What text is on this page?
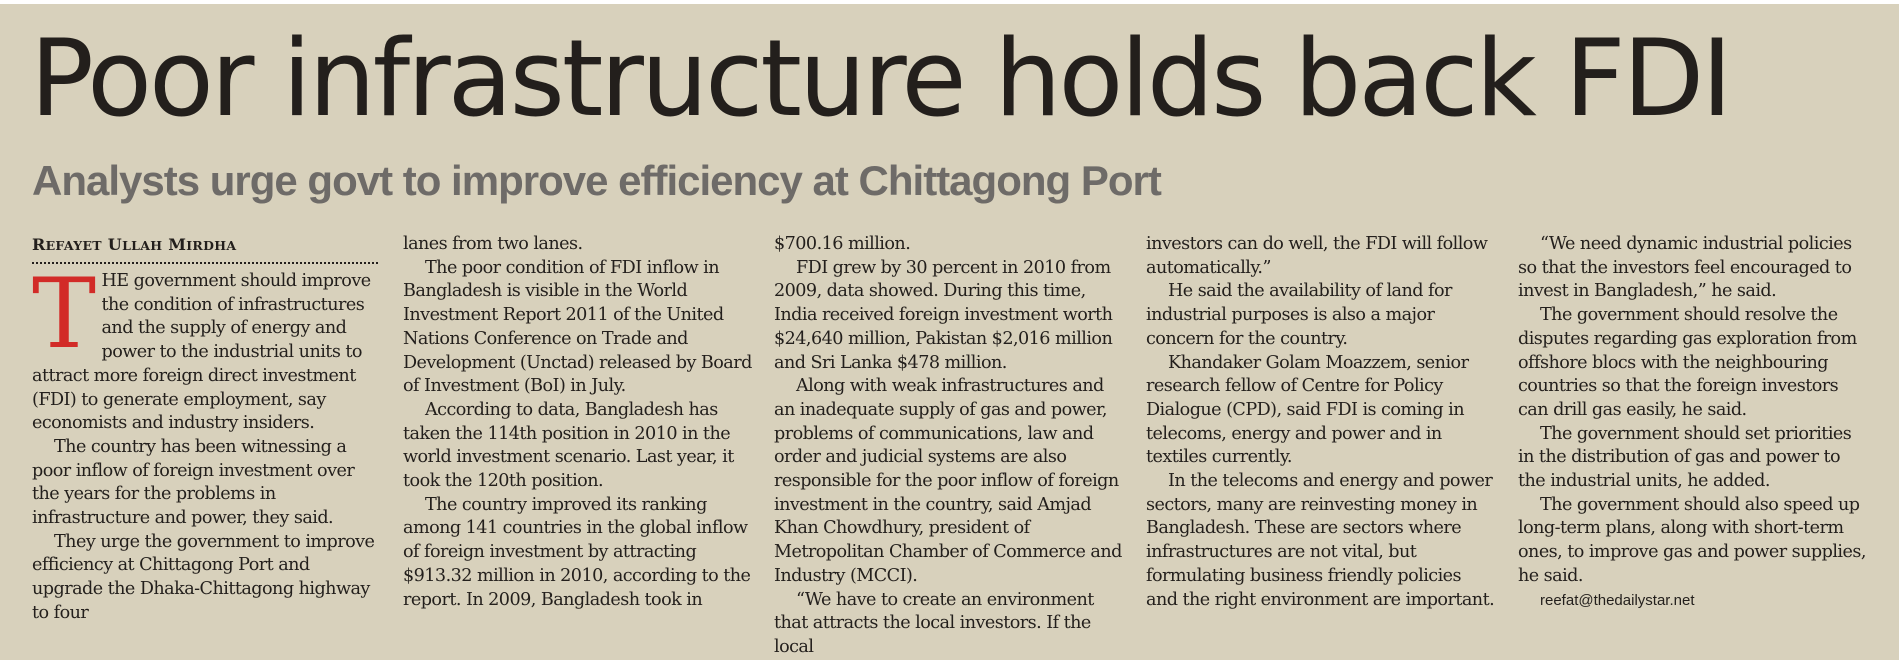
Poor infrastructure holds back FDI
Analysts urge govt to improve efficiency at Chittagong Port
REFAYET ULLAH MIRDHA

THE government should improve the condition of infrastructures and the supply of energy and power to the industrial units to attract more foreign direct investment (FDI) to generate employment, say economists and industry insiders.

The country has been witnessing a poor inflow of foreign investment over the years for the problems in infrastructure and power, they said.

They urge the government to improve efficiency at Chittagong Port and upgrade the Dhaka-Chittagong highway to four

lanes from two lanes.

The poor condition of FDI inflow in Bangladesh is visible in the World Investment Report 2011 of the United Nations Conference on Trade and Development (Unctad) released by Board of Investment (BoI) in July.

According to data, Bangladesh has taken the 114th position in 2010 in the world investment scenario. Last year, it took the 120th position.

The country improved its ranking among 141 countries in the global inflow of foreign investment by attracting $913.32 million in 2010, according to the report. In 2009, Bangladesh took in

$700.16 million.

FDI grew by 30 percent in 2010 from 2009, data showed. During this time, India received foreign investment worth $24,640 million, Pakistan $2,016 million and Sri Lanka $478 million.

Along with weak infrastructures and an inadequate supply of gas and power, problems of communications, law and order and judicial systems are also responsible for the poor inflow of foreign investment in the country, said Amjad Khan Chowdhury, president of Metropolitan Chamber of Commerce and Industry (MCCI).

“We have to create an environment that attracts the local investors. If the local

investors can do well, the FDI will follow automatically.”

He said the availability of land for industrial purposes is also a major concern for the country.

Khandaker Golam Moazzem, senior research fellow of Centre for Policy Dialogue (CPD), said FDI is coming in telecoms, energy and power and in textiles currently.

In the telecoms and energy and power sectors, many are reinvesting money in Bangladesh. These are sectors where infrastructures are not vital, but formulating business friendly policies and the right environment are important.

“We need dynamic industrial policies so that the investors feel encouraged to invest in Bangladesh,” he said.

The government should resolve the disputes regarding gas exploration from offshore blocs with the neighbouring countries so that the foreign investors can drill gas easily, he said.

The government should set priorities in the distribution of gas and power to the industrial units, he added.

The government should also speed up long-term plans, along with short-term ones, to improve gas and power supplies, he said.

reefat@thedailystar.net
